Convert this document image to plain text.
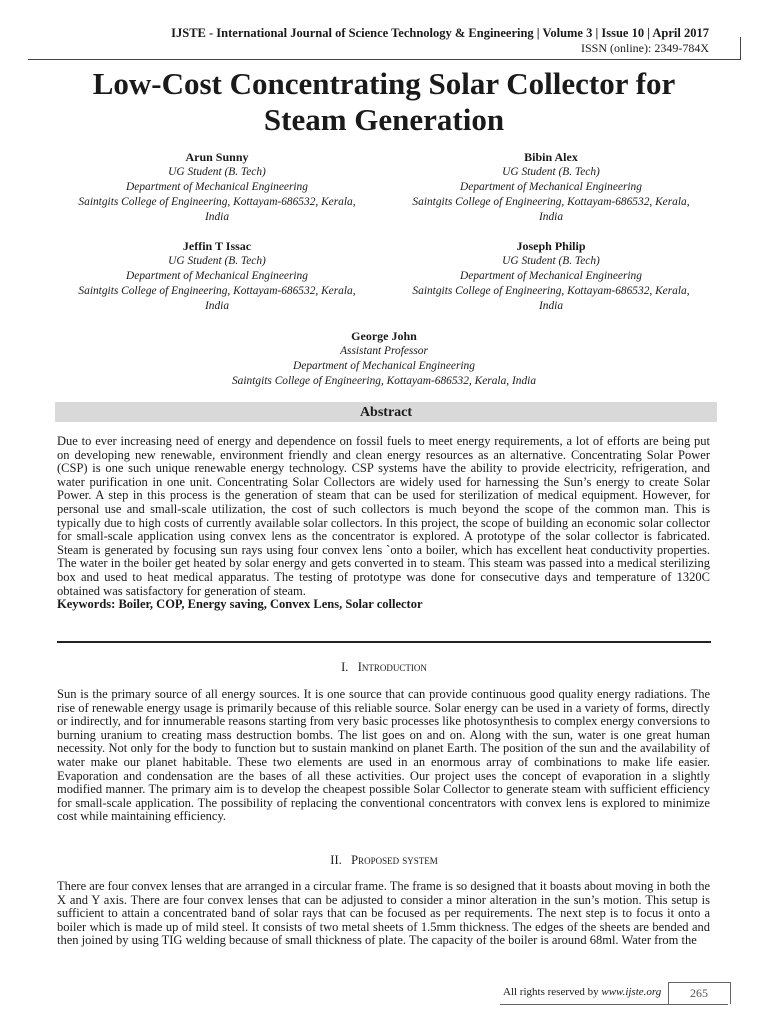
IJSTE - International Journal of Science Technology & Engineering | Volume 3 | Issue 10 | April 2017
ISSN (online): 2349-784X
Low-Cost Concentrating Solar Collector for
Steam Generation
Arun Sunny
UG Student (B. Tech)
Department of Mechanical Engineering
Saintgits College of Engineering, Kottayam-686532, Kerala,
India
Bibin Alex
UG Student (B. Tech)
Department of Mechanical Engineering
Saintgits College of Engineering, Kottayam-686532, Kerala,
India
Jeffin T Issac
UG Student (B. Tech)
Department of Mechanical Engineering
Saintgits College of Engineering, Kottayam-686532, Kerala,
India
Joseph Philip
UG Student (B. Tech)
Department of Mechanical Engineering
Saintgits College of Engineering, Kottayam-686532, Kerala,
India
George John
Assistant Professor
Department of Mechanical Engineering
Saintgits College of Engineering, Kottayam-686532, Kerala, India
Abstract
Due to ever increasing need of energy and dependence on fossil fuels to meet energy requirements, a lot of efforts are being put on developing new renewable, environment friendly and clean energy resources as an alternative. Concentrating Solar Power (CSP) is one such unique renewable energy technology. CSP systems have the ability to provide electricity, refrigeration, and water purification in one unit. Concentrating Solar Collectors are widely used for harnessing the Sun’s energy to create Solar Power. A step in this process is the generation of steam that can be used for sterilization of medical equipment. However, for personal use and small-scale utilization, the cost of such collectors is much beyond the scope of the common man. This is typically due to high costs of currently available solar collectors. In this project, the scope of building an economic solar collector for small-scale application using convex lens as the concentrator is explored. A prototype of the solar collector is fabricated. Steam is generated by focusing sun rays using four convex lens `onto a boiler, which has excellent heat conductivity properties. The water in the boiler get heated by solar energy and gets converted in to steam. This steam was passed into a medical sterilizing box and used to heat medical apparatus. The testing of prototype was done for consecutive days and temperature of 1320C obtained was satisfactory for generation of steam.
Keywords: Boiler, COP, Energy saving, Convex Lens, Solar collector
I. Introduction
Sun is the primary source of all energy sources. It is one source that can provide continuous good quality energy radiations. The rise of renewable energy usage is primarily because of this reliable source. Solar energy can be used in a variety of forms, directly or indirectly, and for innumerable reasons starting from very basic processes like photosynthesis to complex energy conversions to burning uranium to creating mass destruction bombs. The list goes on and on. Along with the sun, water is one great human necessity. Not only for the body to function but to sustain mankind on planet Earth. The position of the sun and the availability of water make our planet habitable. These two elements are used in an enormous array of combinations to make life easier. Evaporation and condensation are the bases of all these activities. Our project uses the concept of evaporation in a slightly modified manner. The primary aim is to develop the cheapest possible Solar Collector to generate steam with sufficient efficiency for small-scale application. The possibility of replacing the conventional concentrators with convex lens is explored to minimize cost while maintaining efficiency.
II. Proposed system
There are four convex lenses that are arranged in a circular frame. The frame is so designed that it boasts about moving in both the X and Y axis. There are four convex lenses that can be adjusted to consider a minor alteration in the sun’s motion. This setup is sufficient to attain a concentrated band of solar rays that can be focused as per requirements. The next step is to focus it onto a boiler which is made up of mild steel. It consists of two metal sheets of 1.5mm thickness. The edges of the sheets are bended and then joined by using TIG welding because of small thickness of plate. The capacity of the boiler is around 68ml. Water from the
All rights reserved by www.ijste.org 265
